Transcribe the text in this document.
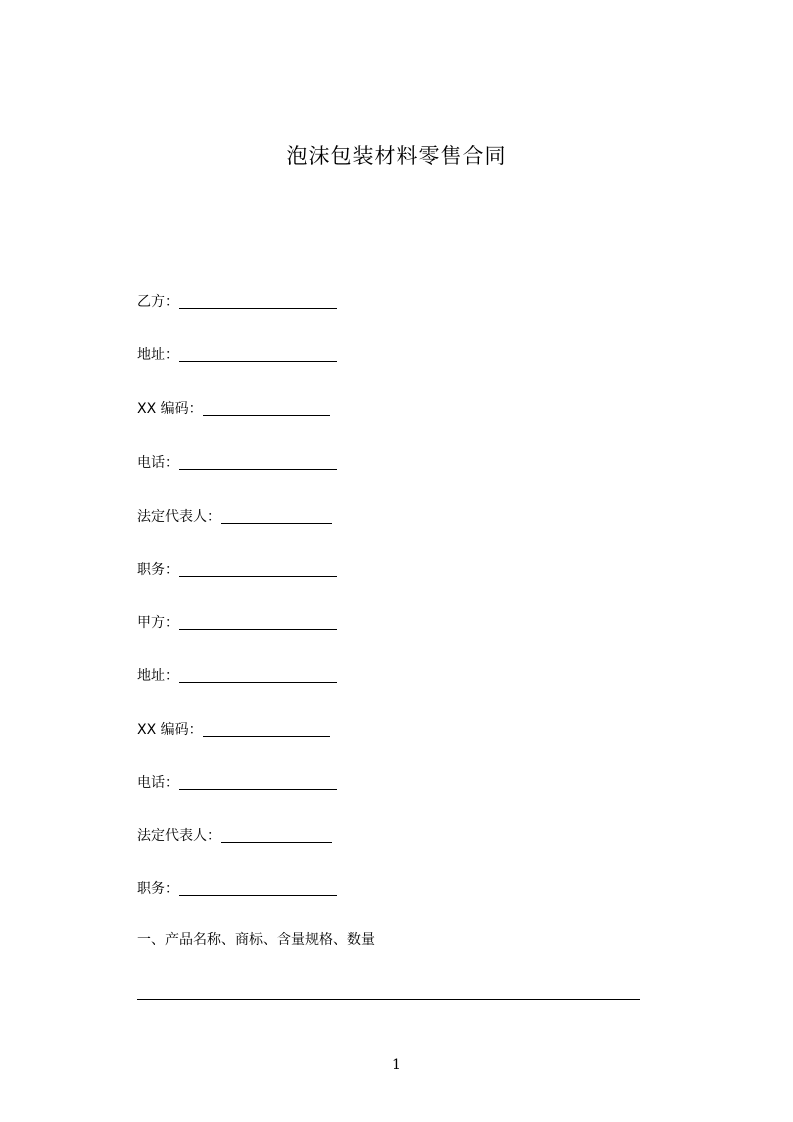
泡沫包装材料零售合同
乙方：
地址：
XX 编码：
电话：
法定代表人：
职务：
甲方：
地址：
XX 编码：
电话：
法定代表人：
职务：
一、产品名称、商标、含量规格、数量
1
